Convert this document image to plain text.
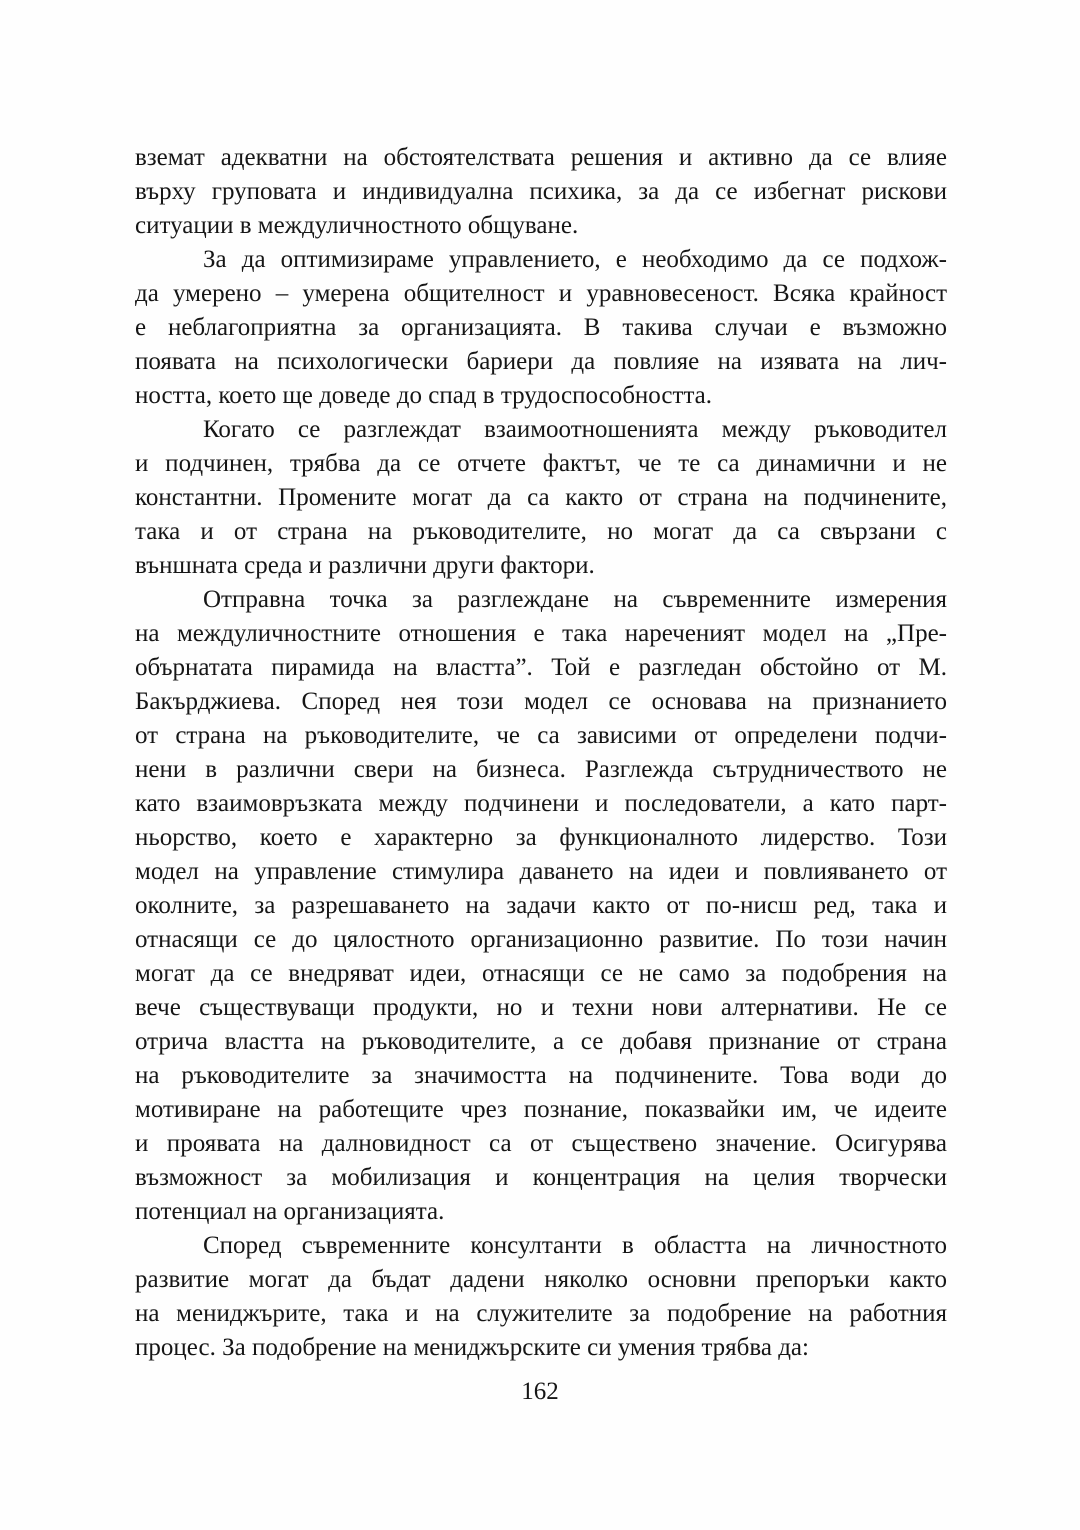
вземат адекватни на обстоятелствата решения и активно да се влияе
върху груповата и индивидуална психика, за да се избегнат рискови
ситуации в междуличностното общуване.
За да оптимизираме управлението, е необходимо да се подхож-
да умерено – умерена общителност и уравновесеност. Всяка крайност
е неблагоприятна за организацията. В такива случаи е възможно
появата на психологически бариери да повлияе на изявата на лич-
ността, което ще доведе до спад в трудоспособността.
Когато се разглеждат взаимоотношенията между ръководител
и подчинен, трябва да се отчете фактът, че те са динамични и не
константни. Промените могат да са както от страна на подчинените,
така и от страна на ръководителите, но могат да са свързани с
външната среда и различни други фактори.
Отправна точка за разглеждане на съвременните измерения
на междуличностните отношения е така нареченият модел на „Пре-
обърнатата пирамида на властта”. Той е разгледан обстойно от М.
Бакърджиева. Според нея този модел се основава на признанието
от страна на ръководителите, че са зависими от определени подчи-
нени в различни свери на бизнеса. Разглежда сътрудничеството не
като взаимовръзката между подчинени и последователи, а като парт-
ньорство, което е характерно за функционалното лидерство. Този
модел на управление стимулира даването на идеи и повлияването от
околните, за разрешаването на задачи както от по-нисш ред, така и
отнасящи се до цялостното организационно развитие. По този начин
могат да се внедряват идеи, отнасящи се не само за подобрения на
вече съществуващи продукти, но и техни нови алтернативи. Не се
отрича властта на ръководителите, а се добавя признание от страна
на ръководителите за значимостта на подчинените. Това води до
мотивиране на работещите чрез познание, показвайки им, че идеите
и проявата на далновидност са от съществено значение. Осигурява
възможност за мобилизация и концентрация на целия творчески
потенциал на организацията.
Според съвременните консултанти в областта на личностното
развитие могат да бъдат дадени няколко основни препоръки както
на мениджърите, така и на служителите за подобрение на работния
процес. За подобрение на мениджърските си умения трябва да:
162
